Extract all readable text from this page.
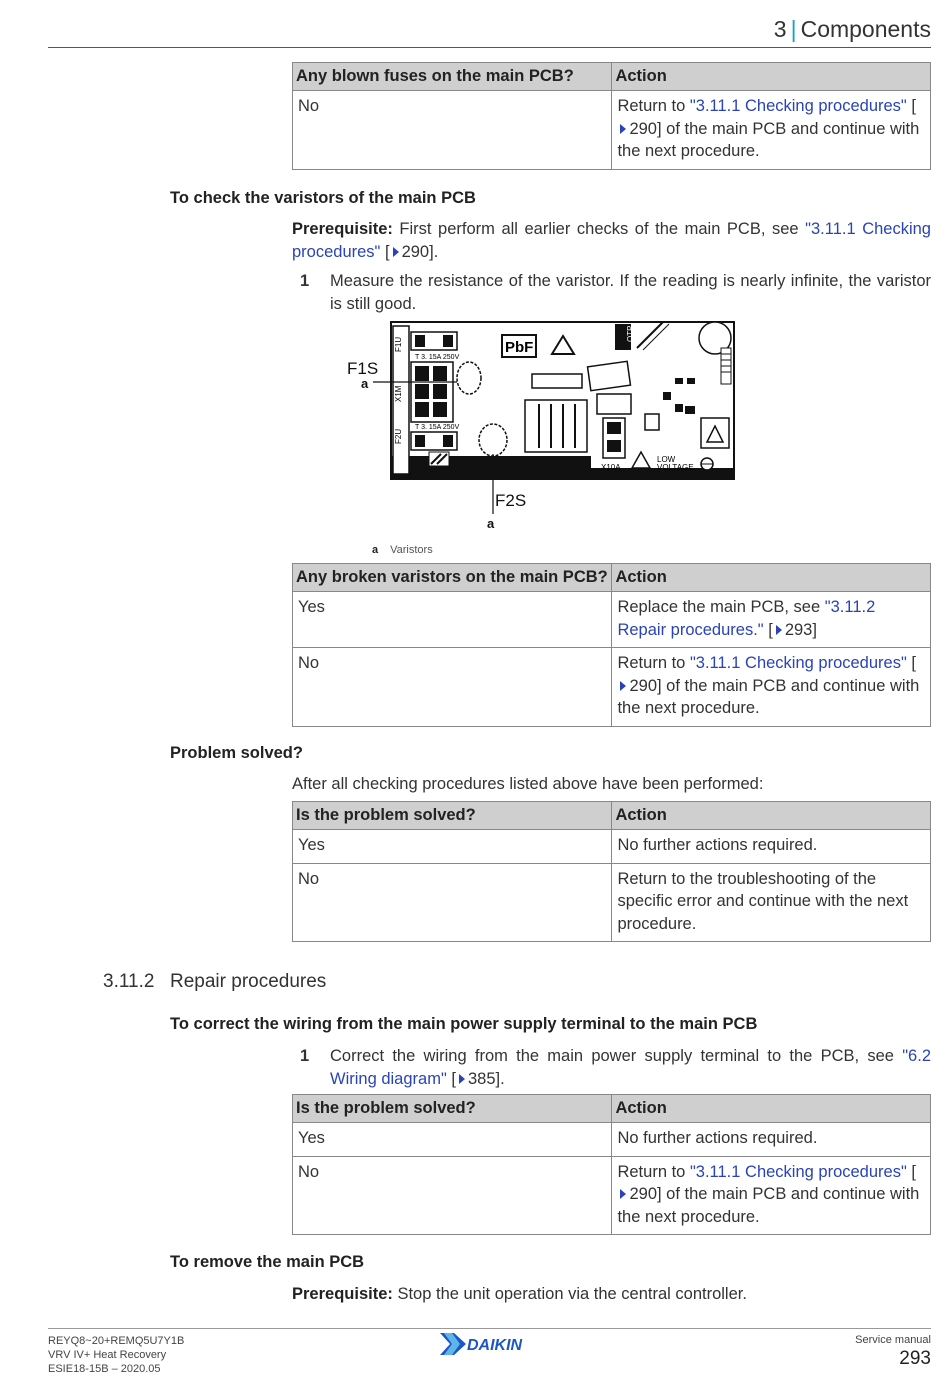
3 | Components
Any blown fuses on the main PCB?	Action
No	Return to "3.11.1 Checking procedures" [290] of the main PCB and continue with the next procedure.
To check the varistors of the main PCB
Prerequisite: First perform all earlier checks of the main PCB, see "3.11.1 Checking procedures" [ 290].
1 Measure the resistance of the varistor. If the reading is nearly infinite, the varistor is still good.
F1U
X1M
F2U
T 3. 15A 250V
T 3. 15A 250V
PbF
OTP
X10A
LOW
VOLTAGE
F1S
a
F2S
a
a Varistors
Any broken varistors on the main PCB?	Action
Yes	Replace the main PCB, see "3.11.2 Repair procedures." [ 293]
No	Return to "3.11.1 Checking procedures" [290] of the main PCB and continue with the next procedure.
Problem solved?
After all checking procedures listed above have been performed:
Is the problem solved?	Action
Yes	No further actions required.
No	Return to the troubleshooting of the specific error and continue with the next procedure.
3.11.2 Repair procedures
To correct the wiring from the main power supply terminal to the main PCB
1 Correct the wiring from the main power supply terminal to the PCB, see "6.2 Wiring diagram" [ 385].
Is the problem solved?	Action
Yes	No further actions required.
No	Return to "3.11.1 Checking procedures" [290] of the main PCB and continue with the next procedure.
To remove the main PCB
Prerequisite: Stop the unit operation via the central controller.
REYQ8~20+REMQ5U7Y1B
VRV IV+ Heat Recovery
ESIE18-15B – 2020.05
DAIKIN	Service manual
293
